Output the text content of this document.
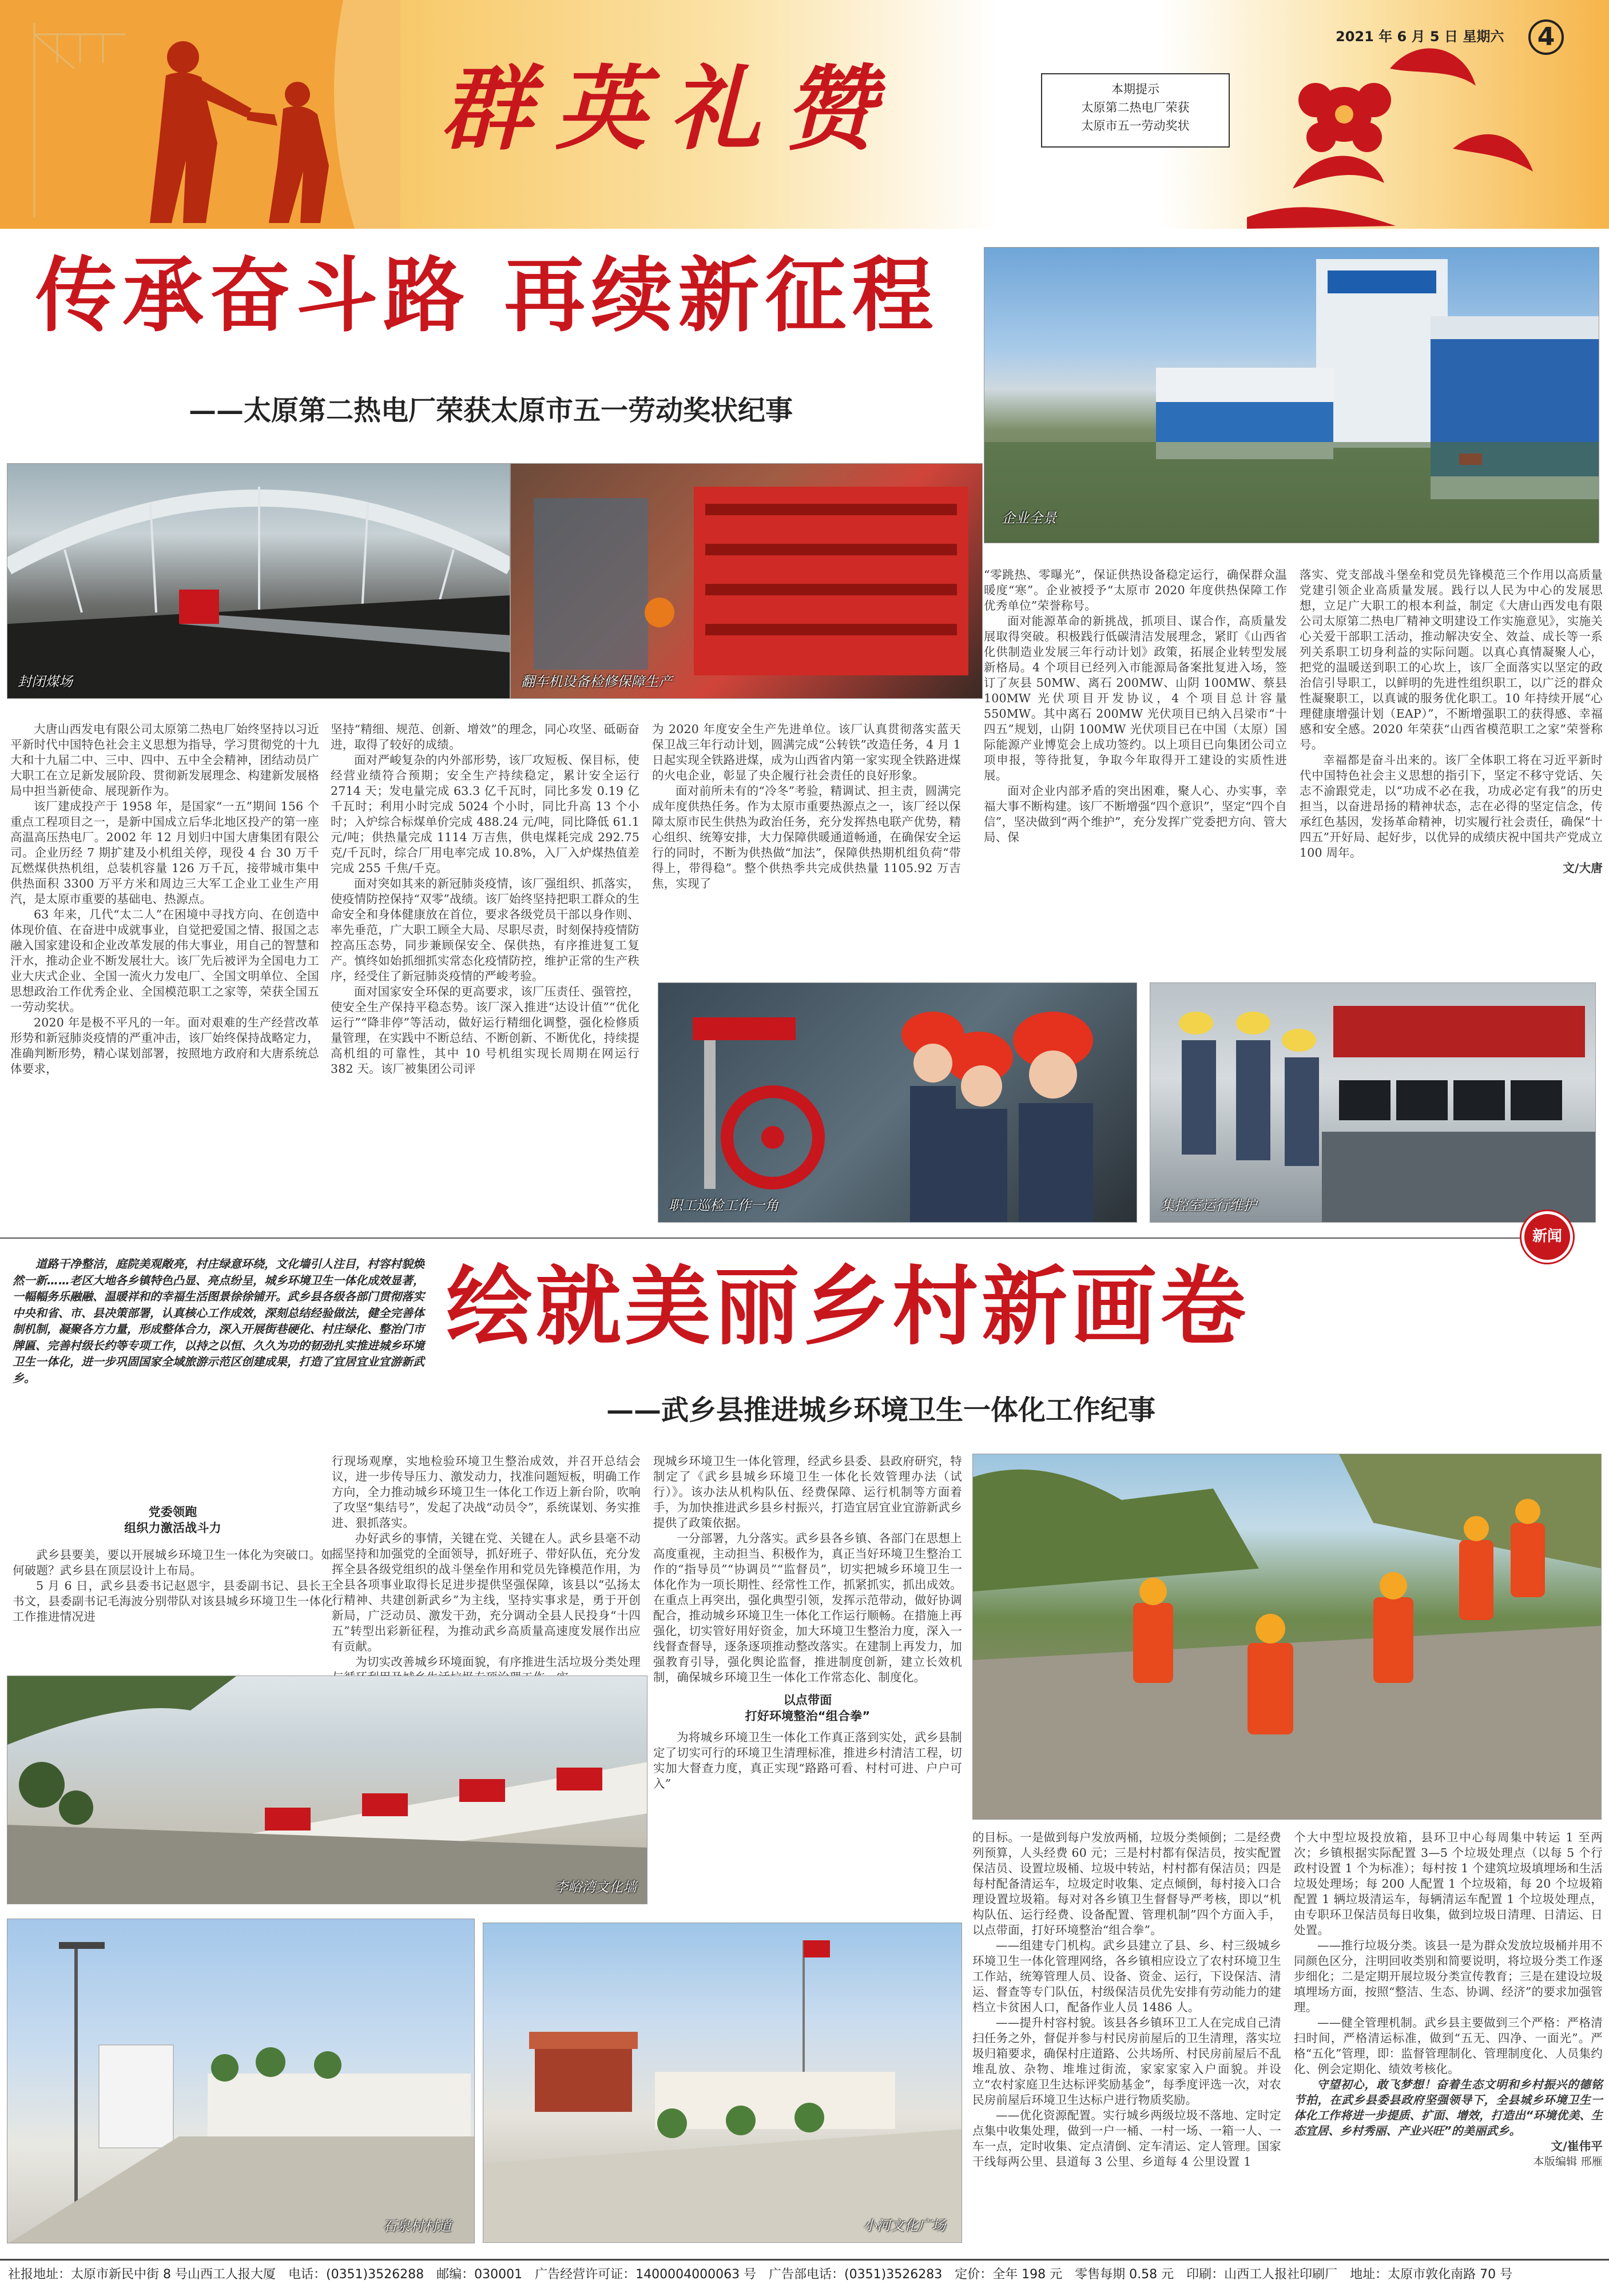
群英礼赞	本期提示
太原第二热电厂荣获
太原市五一劳动奖状
2021 年 6 月 5 日 星期六	4
传承奋斗路 再续新征程
——太原第二热电厂荣获太原市五一劳动奖状纪事
企业全景
封闭煤场	翻车机设备检修保障生产

大唐山西发电有限公司太原第二热电厂始终坚持以习近平新时代中国特色社会主义思想为指导，学习贯彻党的十九大和十九届二中、三中、四中、五中全会精神，团结动员广大职工在立足新发展阶段、贯彻新发展理念、构建新发展格局中担当新使命、展现新作为。

该厂建成投产于 1958 年，是国家“一五”期间 156 个重点工程项目之一，是新中国成立后华北地区投产的第一座高温高压热电厂。2002 年 12 月划归中国大唐集团有限公司。企业历经 7 期扩建及小机组关停，现役 4 台 30 万千瓦燃煤供热机组，总装机容量 126 万千瓦，接带城市集中供热面积 3300 万平方米和周边三大军工企业工业生产用汽，是太原市重要的基础电、热源点。

63 年来，几代“太二人”在困境中寻找方向、在创造中体现价值、在奋进中成就事业，自觉把爱国之情、报国之志融入国家建设和企业改革发展的伟大事业，用自己的智慧和汗水，推动企业不断发展壮大。该厂先后被评为全国电力工业大庆式企业、全国一流火力发电厂、全国文明单位、全国思想政治工作优秀企业、全国模范职工之家等，荣获全国五一劳动奖状。

2020 年是极不平凡的一年。面对艰难的生产经营改革形势和新冠肺炎疫情的严重冲击，该厂始终保持战略定力，准确判断形势，精心谋划部署，按照地方政府和大唐系统总体要求，

坚持“精细、规范、创新、增效”的理念，同心攻坚、砥砺奋进，取得了较好的成绩。

面对严峻复杂的内外部形势，该厂攻短板、保目标，使经营业绩符合预期；安全生产持续稳定，累计安全运行 2714 天；发电量完成 63.3 亿千瓦时，同比多发 0.19 亿千瓦时；利用小时完成 5024 个小时，同比升高 13 个小时；入炉综合标煤单价完成 488.24 元/吨，同比降低 61.1 元/吨；供热量完成 1114 万吉焦，供电煤耗完成 292.75 克/千瓦时，综合厂用电率完成 10.8%，入厂入炉煤热值差完成 255 千焦/千克。

面对突如其来的新冠肺炎疫情，该厂强组织、抓落实，使疫情防控保持“双零”战绩。该厂始终坚持把职工群众的生命安全和身体健康放在首位，要求各级党员干部以身作则、率先垂范，广大职工顾全大局、尽职尽责，时刻保持疫情防控高压态势，同步兼顾保安全、保供热，有序推进复工复产。慎终如始抓细抓实常态化疫情防控，维护正常的生产秩序，经受住了新冠肺炎疫情的严峻考验。

面对国家安全环保的更高要求，该厂压责任、强管控，使安全生产保持平稳态势。该厂深入推进“达设计值”“优化运行”“降非停”等活动，做好运行精细化调整，强化检修质量管理，在实践中不断总结、不断创新、不断优化，持续提高机组的可靠性，其中 10 号机组实现长周期在网运行 382 天。该厂被集团公司评

为 2020 年度安全生产先进单位。该厂认真贯彻落实蓝天保卫战三年行动计划，圆满完成“公转铁”改造任务，4 月 1 日起实现全铁路进煤，成为山西省内第一家实现全铁路进煤的火电企业，彰显了央企履行社会责任的良好形象。

面对前所未有的“冷冬”考验，精调试、担主责，圆满完成年度供热任务。作为太原市重要热源点之一，该厂经以保障太原市民生供热为政治任务，充分发挥热电联产优势，精心组织、统筹安排，大力保障供暖通道畅通，在确保安全运行的同时，不断为供热做“加法”，保障供热期机组负荷“带得上，带得稳”。整个供热季共完成供热量 1105.92 万吉焦，实现了

“零跳热、零曝光”，保证供热设备稳定运行，确保群众温暖度“寒”。企业被授予“太原市 2020 年度供热保障工作优秀单位”荣誉称号。

面对能源革命的新挑战，抓项目、谋合作，高质量发展取得突破。积极践行低碳清洁发展理念，紧盯《山西省化供制造业发展三年行动计划》政策，拓展企业转型发展新格局。4 个项目已经列入市能源局备案批复进入场，签订了灰县 50MW、离石 200MW、山阴 100MW、蔡县 100MW 光伏项目开发协议，4 个项目总计容量 550MW。其中离石 200MW 光伏项目已纳入吕梁市“十四五”规划，山阴 100MW 光伏项目已在中国（太原）国际能源产业博览会上成功签约。以上项目已向集团公司立项申报，等待批复，争取今年取得开工建设的实质性进展。

面对企业内部矛盾的突出困难，聚人心、办实事，幸福大事不断构建。该厂不断增强“四个意识”，坚定“四个自信”，坚决做到“两个维护”，充分发挥广党委把方向、管大局、保

落实、党支部战斗堡垒和党员先锋模范三个作用以高质量党建引领企业高质量发展。践行以人民为中心的发展思想，立足广大职工的根本利益，制定《大唐山西发电有限公司太原第二热电厂精神文明建设工作实施意见》，实施关心关爱干部职工活动，推动解决安全、效益、成长等一系列关系职工切身利益的实际问题。以真心真情凝聚人心，把党的温暖送到职工的心坎上，该厂全面落实以坚定的政治信引导职工，以鲜明的先进性组织职工，以广泛的群众性凝聚职工，以真诚的服务优化职工。10 年持续开展“心理健康增强计划（EAP）”，不断增强职工的获得感、幸福感和安全感。2020 年荣获“山西省模范职工之家”荣誉称号。

幸福都是奋斗出来的。该厂全体职工将在习近平新时代中国特色社会主义思想的指引下，坚定不移守党话、矢志不渝跟党走，以“功成不必在我，功成必定有我”的历史担当，以奋进昂扬的精神状态，志在必得的坚定信念，传承红色基因，发扬革命精神，切实履行社会责任，确保“十四五”开好局、起好步，以优异的成绩庆祝中国共产党成立 100 周年。

文/大唐

职工巡检工作一角	集控室运行维护
新闻
道路干净整洁，庭院美观敞亮，村庄绿意环绕，文化墙引人注目，村容村貌焕然一新……老区大地各乡镇特色凸显、亮点纷呈，城乡环境卫生一体化成效显著，一幅幅务乐融融、温暖祥和的幸福生活图景徐徐铺开。武乡县各级各部门贯彻落实中央和省、市、县决策部署，认真核心工作成效，深刻总结经验做法，健全完善体制机制，凝聚各方力量，形成整体合力，深入开展街巷硬化、村庄绿化、整治门市牌匾、完善村级长约等专项工作，以持之以恒、久久为功的韧劲扎实推进城乡环境卫生一体化，进一步巩固国家全域旅游示范区创建成果，打造了宜居宜业宜游新武乡。
绘就美丽乡村新画卷
——武乡县推进城乡环境卫生一体化工作纪事
党委领跑
组织力激活战斗力

武乡县要美，要以开展城乡环境卫生一体化为突破口。如何破题？武乡县在顶层设计上布局。

5 月 6 日，武乡县委书记赵恩宇，县委副书记、县长王书文，县委副书记毛海波分别带队对该县城乡环境卫生一体化工作推进情况进

行现场观摩，实地检验环境卫生整治成效，并召开总结会议，进一步传导压力、激发动力，找准问题短板，明确工作方向，全力推动城乡环境卫生一体化工作迈上新台阶，吹响了攻坚“集结号”，发起了决战“动员令”，系统谋划、务实推进、狠抓落实。

办好武乡的事情，关键在党、关键在人。武乡县毫不动摇坚持和加强党的全面领导，抓好班子、带好队伍，充分发挥全县各级党组织的战斗堡垒作用和党员先锋模范作用，为全县各项事业取得长足进步提供坚强保障，该县以“弘扬太行精神、共建创新武乡”为主线，坚持实事求是，勇于开创新局，广泛动员、激发干劲，充分调动全县人民投身“十四五”转型出彩新征程，为推动武乡高质量高速度发展作出应有贡献。

为切实改善城乡环境面貌，有序推进生活垃圾分类处理

现城乡环境卫生一体化管理，经武乡县委、县政府研究，特制定了《武乡县城乡环境卫生一体化长效管理办法（试行）》。该办法从机构队伍、经费保障、运行机制等方面着手，为加快推进武乡县乡村振兴，打造宜居宜业宜游新武乡提供了政策依据。

一分部署，九分落实。武乡县各乡镇、各部门在思想上高度重视，主动担当、积极作为，真正当好环境卫生整治工作的“指导员”“协调员”“监督员”，切实把城乡环境卫生一体化作为一项长期性、经常性工作，抓紧抓实，抓出成效。在重点上再突出，强化典型引领，发挥示范带动，做好协调配合，推动城乡环境卫生一体化工作运行顺畅。在措施上再强化，切实管好用好资金，加大环境卫生整治力度，深入一线督查督导，逐条逐项推动整改落实。在建制上再发力，加强教育引导，强化舆论监督，推进制度创新，建立长效机制，确保城乡环境卫生一体化工作常态化、制度化。

以点带面
打好环境整治“组合拳”

为将城乡环境卫生一体化工作真正落到实处，武乡县制定了切实可行的环境卫生清理标准，推进乡村清洁工程，切实加大督查力度，真正实现“路路可看、村村可进、户户可入”

的目标。一是做到每户发放两桶，垃圾分类倾倒；二是经费列预算，人头经费 60 元；三是村村都有保洁员，按实配置保洁员、设置垃圾桶、垃圾中转站，村村都有保洁员；四是每村配备清运车，垃圾定时收集、定点倾倒，每村接入口合理设置垃圾箱。每对对各乡镇卫生督督导严考核，即以“机构队伍、运行经费、设备配置、管理机制”四个方面入手，以点带面，打好环境整治“组合拳”。

——组建专门机构。武乡县建立了县、乡、村三级城乡环境卫生一体化管理网络，各乡镇相应设立了农村环境卫生工作站，统筹管理人员、设备、资金、运行，下设保洁、清运、督查等专门队伍，村级保洁员优先安排有劳动能力的建档立卡贫困人口，配备作业人员 1486 人。

——提升村容村貌。该县各乡镇环卫工人在完成自己清扫任务之外，督促并参与村民房前屋后的卫生清理，落实垃圾归箱要求，确保村庄道路、公共场所、村民房前屋后不乱堆乱放、杂物、堆堆过街流，家家家家入户面貌。并设立“农村家庭卫生达标评奖励基金”，每季度评选一次，对农民房前屋后环境卫生达标户进行物质奖励。

——优化资源配置。实行城乡两级垃圾不落地、定时定点集中收集处理，做到一户一桶、一村一场、一箱一人、一车一点，定时收集、定点清倒、定车清运、定人管理。国家干线每两公里、县道每 3 公里、乡道每 4 公里设置 1

个大中型垃圾投放箱，县环卫中心每周集中转运 1 至两次；乡镇根据实际配置 3—5 个垃圾处理点（以每 5 个行政村设置 1 个为标准）；每村按 1 个建筑垃圾填埋场和生活垃圾处理场；每 200 人配置 1 个垃圾箱，每 20 个垃圾箱配置 1 辆垃圾清运车，每辆清运车配置 1 个垃圾处理点，由专职环卫保洁员每日收集，做到垃圾日清理、日清运、日处置。

——推行垃圾分类。该县一是为群众发放垃圾桶并用不同颜色区分，注明回收类别和简要说明，将垃圾分类工作逐步细化；二是定期开展垃圾分类宣传教育；三是在建设垃圾填埋场方面，按照“整洁、生态、协调、经济”的要求加强管理。

——健全管理机制。武乡县主要做到三个严格：严格清扫时间，严格清运标准，做到“五无、四净、一面光”。严格“五化”管理，即：监督管理制化、管理制度化、人员集约化、例会定期化、绩效考核化。

守望初心，敢飞梦想！奋着生态文明和乡村振兴的德铭节拍，在武乡县委县政府坚强领导下，全县城乡环境卫生一体化工作将进一步提质、扩面、增效，打造出“环境优美、生态宜居、乡村秀丽、产业兴旺”的美丽武乡。

文/崔伟平

本版编辑 邢雁

李峪湾文化墙
石泉村村道	小河文化广场
社报地址：太原市新民中街 8 号山西工人报大厦　电话：(0351)3526288　邮编：030001　广告经营许可证：1400004000063 号　广告部电话：(0351)3526283　定价：全年 198 元　零售每期 0.58 元　印刷：山西工人报社印刷厂　地址：太原市敦化南路 70 号
